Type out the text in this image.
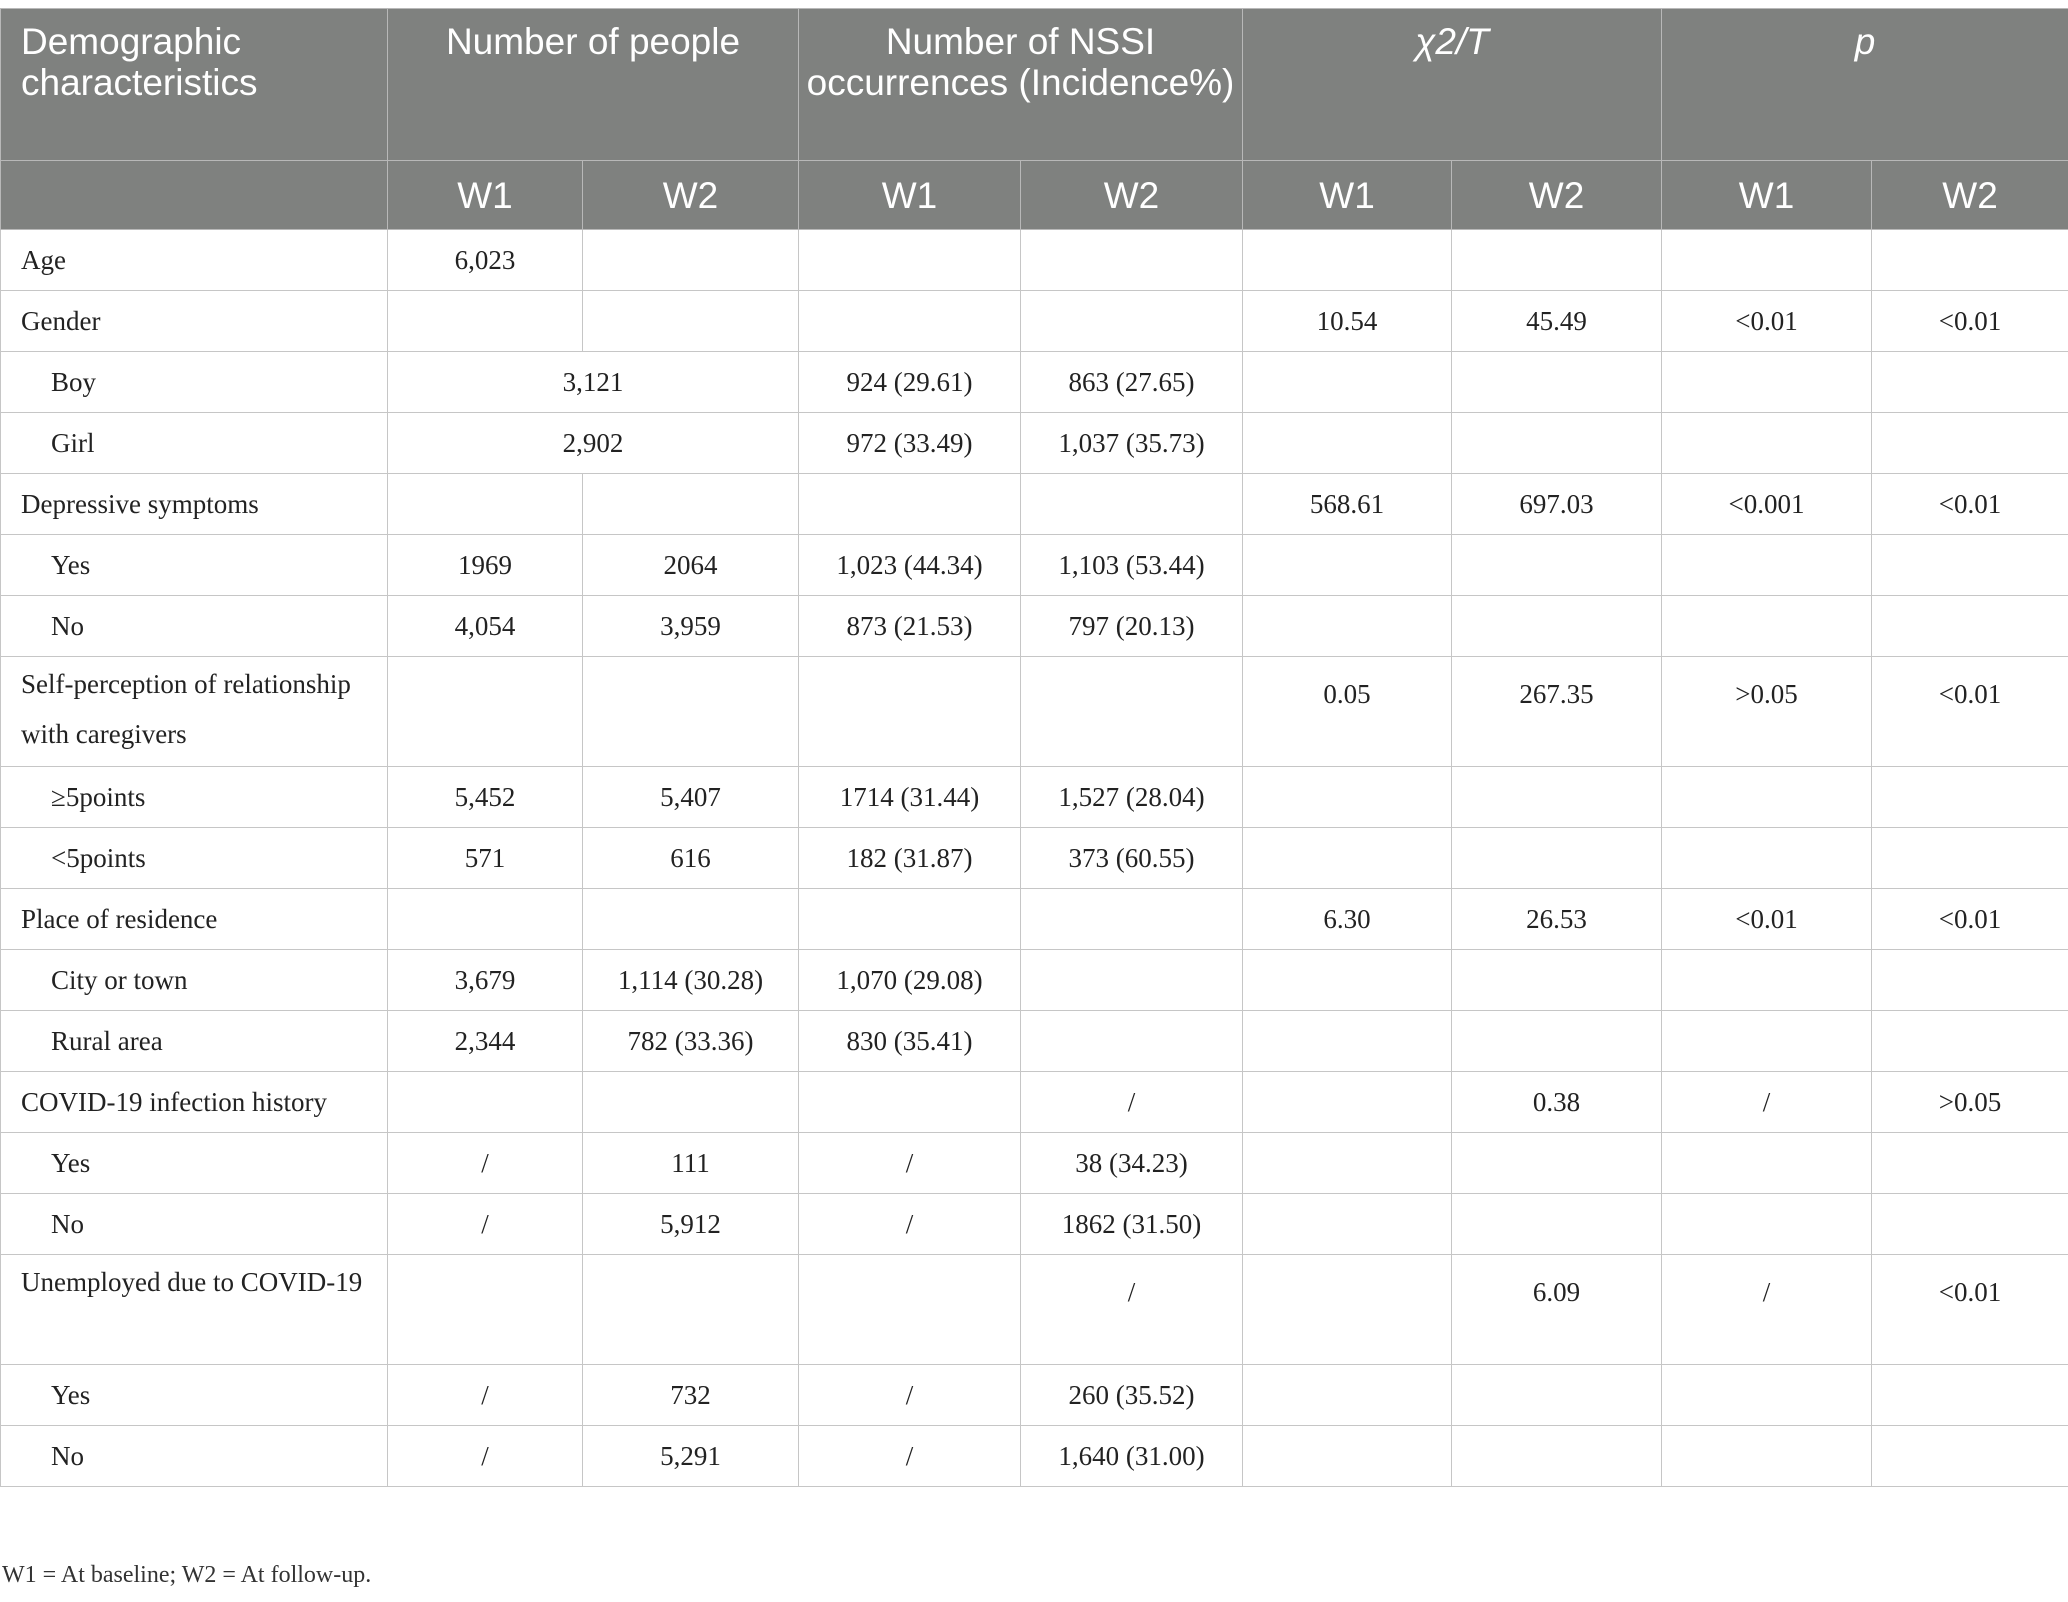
Demographic characteristics	Number of people		Number of NSSI occurrences (Incidence%)		χ2/T		p	
	W1	W2	W1	W2	W1	W2	W1	W2
Age	6,023							
Gender					10.54	45.49	<0.01	<0.01
Boy	3,121		924 (29.61)	863 (27.65)				
Girl	2,902		972 (33.49)	1,037 (35.73)				
Depressive symptoms					568.61	697.03	<0.001	<0.01
Yes	1969	2064	1,023 (44.34)	1,103 (53.44)				
No	4,054	3,959	873 (21.53)	797 (20.13)				
Self-perception of relationship with caregivers					0.05	267.35	>0.05	<0.01
≥5points	5,452	5,407	1714 (31.44)	1,527 (28.04)				
<5points	571	616	182 (31.87)	373 (60.55)				
Place of residence					6.30	26.53	<0.01	<0.01
City or town	3,679	1,114 (30.28)	1,070 (29.08)					
Rural area	2,344	782 (33.36)	830 (35.41)					
COVID-19 infection history				/		0.38	/	>0.05
Yes	/	111	/	38 (34.23)				
No	/	5,912	/	1862 (31.50)				
Unemployed due to COVID-19				/		6.09	/	<0.01
Yes	/	732	/	260 (35.52)				
No	/	5,291	/	1,640 (31.00)				
W1 = At baseline; W2 = At follow-up.
